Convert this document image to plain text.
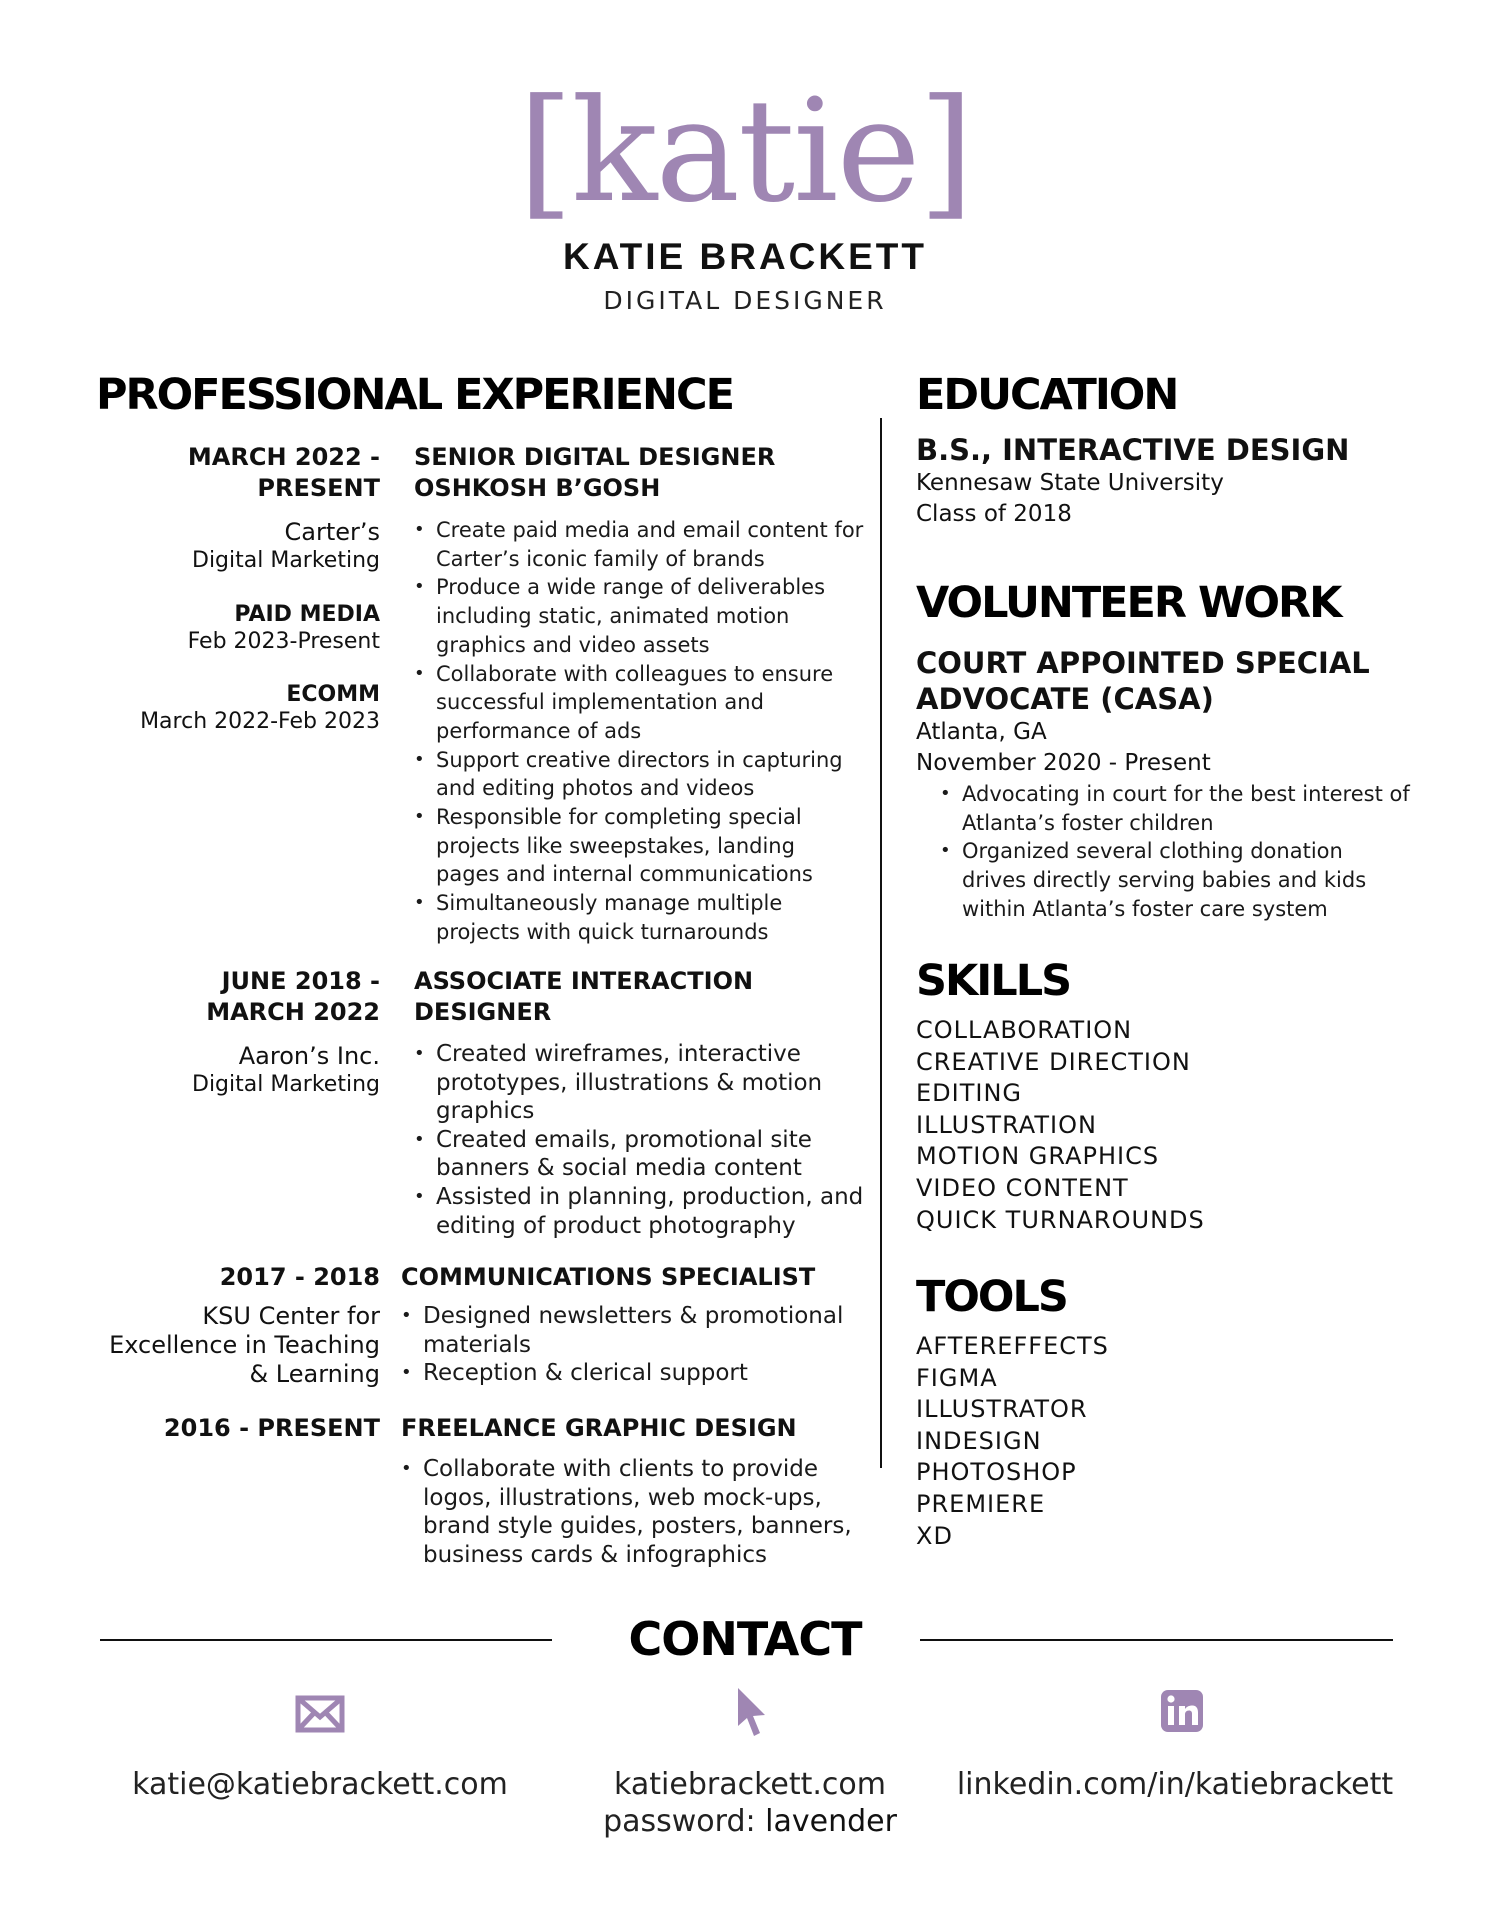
[katie]
KATIE BRACKETT
DIGITAL DESIGNER
PROFESSIONAL EXPERIENCE
MARCH 2022 -
PRESENT
Carter’s
Digital Marketing
PAID MEDIA
Feb 2023-Present
ECOMM
March 2022-Feb 2023
SENIOR DIGITAL DESIGNER
OSHKOSH B’GOSH
• Create paid media and email content for Carter’s iconic family of brands
• Produce a wide range of deliverables including static, animated motion graphics and video assets
• Collaborate with colleagues to ensure successful implementation and performance of ads
• Support creative directors in capturing and editing photos and videos
• Responsible for completing special projects like sweepstakes, landing pages and internal communications
• Simultaneously manage multiple projects with quick turnarounds
JUNE 2018 -
MARCH 2022
Aaron’s Inc.
Digital Marketing
ASSOCIATE INTERACTION
DESIGNER
• Created wireframes, interactive prototypes, illustrations & motion graphics
• Created emails, promotional site banners & social media content
• Assisted in planning, production, and editing of product photography
2017 - 2018
KSU Center for
Excellence in Teaching
& Learning
COMMUNICATIONS SPECIALIST
• Designed newsletters & promotional materials
• Reception & clerical support
2016 - PRESENT FREELANCE GRAPHIC DESIGN
• Collaborate with clients to provide logos, illustrations, web mock-ups, brand style guides, posters, banners, business cards & infographics
EDUCATION
B.S., INTERACTIVE DESIGN
Kennesaw State University
Class of 2018
VOLUNTEER WORK
COURT APPOINTED SPECIAL
ADVOCATE (CASA)
Atlanta, GA
November 2020 - Present
• Advocating in court for the best interest of Atlanta’s foster children
• Organized several clothing donation drives directly serving babies and kids within Atlanta’s foster care system
SKILLS
COLLABORATION
CREATIVE DIRECTION
EDITING
ILLUSTRATION
MOTION GRAPHICS
VIDEO CONTENT
QUICK TURNAROUNDS
TOOLS
AFTEREFFECTS
FIGMA
ILLUSTRATOR
INDESIGN
PHOTOSHOP
PREMIERE
XD
CONTACT
katie@katiebrackett.com	katiebrackett.com
password: lavender
linkedin.com/in/katiebrackett
